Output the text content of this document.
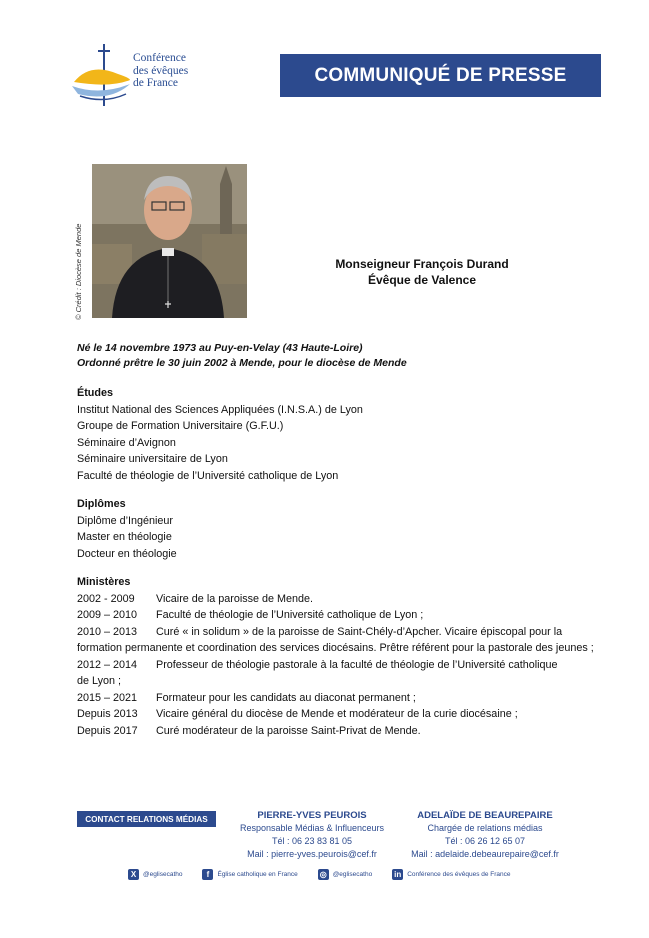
Conférence
des évêques
de France	COMMUNIQUÉ DE PRESSE
© Crédit : Diocèse de Mende	Monseigneur François Durand
Évêque de Valence
Né le 14 novembre 1973 au Puy-en-Velay (43 Haute-Loire)
Ordonné prêtre le 30 juin 2002 à Mende, pour le diocèse de Mende
Études
Institut National des Sciences Appliquées (I.N.S.A.) de Lyon
Groupe de Formation Universitaire (G.F.U.)
Séminaire d’Avignon
Séminaire universitaire de Lyon
Faculté de théologie de l’Université catholique de Lyon
Diplômes
Diplôme d’Ingénieur
Master en théologie
Docteur en théologie
Ministères
2002 - 2009	Vicaire de la paroisse de Mende.
2009 – 2010	Faculté de théologie de l’Université catholique de Lyon ;
2010 – 2013	Curé « in solidum » de la paroisse de Saint-Chély-d’Apcher. Vicaire épiscopal pour la
formation permanente et coordination des services diocésains. Prêtre référent pour la pastorale des jeunes ;
2012 – 2014	Professeur de théologie pastorale à la faculté de théologie de l’Université catholique
de Lyon ;
2015 – 2021	Formateur pour les candidats au diaconat permanent ;
Depuis 2013	Vicaire général du diocèse de Mende et modérateur de la curie diocésaine ;
Depuis 2017	Curé modérateur de la paroisse Saint-Privat de Mende.
CONTACT RELATIONS MÉDIAS	PIERRE-YVES PEUROIS
Responsable Médias & Influenceurs
Tél : 06 23 83 81 05
Mail : pierre-yves.peurois@cef.fr
ADELAÏDE DE BEAUREPAIRE
Chargée de relations médias
Tél : 06 26 12 65 07
Mail : adelaide.debeaurepaire@cef.fr
X	@eglisecatho	f	Église catholique en France	◎ @eglisecatho	in Conférence des évêques de France
